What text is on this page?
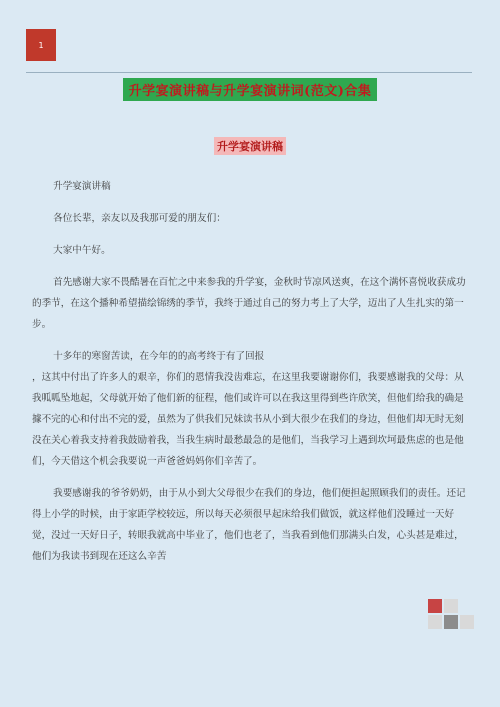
1
升学宴演讲稿与升学宴演讲词(范文)合集
升学宴演讲稿

升学宴演讲稿

各位长辈，亲友以及我那可爱的朋友们：

大家中午好。

首先感谢大家不畏酷暑在百忙之中来参我的升学宴，金秋时节凉风送爽，在这个满怀喜悦收获成功的季节，在这个播种希望描绘锦绣的季节，我终于通过自己的努力考上了大学，迈出了人生扎实的第一步。

十多年的寒窗苦读，在今年的的高考终于有了回报

，这其中付出了许多人的艰辛，你们的恩情我没齿难忘，在这里我要谢谢你们，我要感谢我的父母：从我呱呱坠地起，父母就开始了他们新的征程，他们或许可以在我这里得到些许欣笑，但他们给我的确是據不完的心和付出不完的爱，虽然为了供我们兄妹读书从小到大很少在我们的身边，但他们却无时无刻没在关心着我支持着我鼓励着我，当我生病时最愁最急的是他们，当我学习上遇到坎坷最焦虑的也是他们，今天借这个机会我要说一声爸爸妈妈你们辛苦了。

我要感谢我的爷爷奶奶，由于从小到大父母很少在我们的身边，他们便担起照顾我们的责任。还记得上小学的时候，由于家距学校较远，所以每天必须很早起床给我们做饭，就这样他们没睡过一天好觉，没过一天好日子，转眼我就高中毕业了，他们也老了，当我看到他们那满头白发，心头甚是难过，他们为我读书到现在还这么辛苦
